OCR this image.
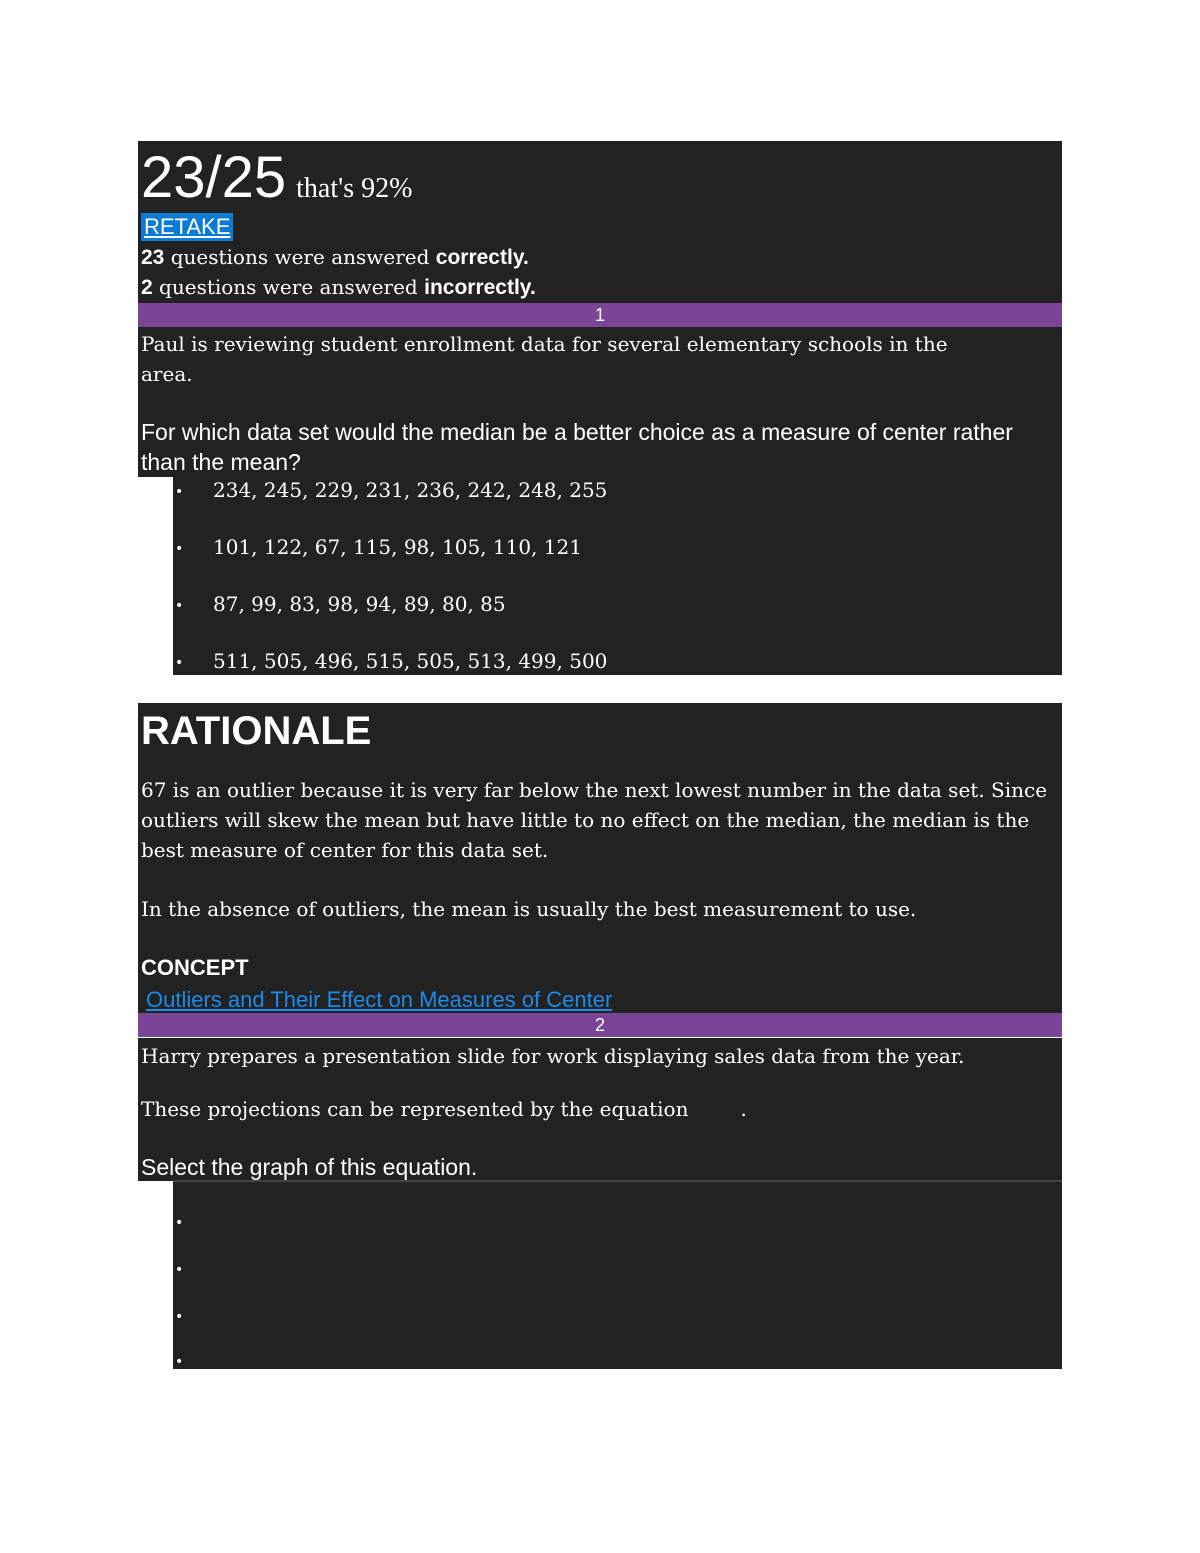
23/25 that's 92%
RETAKE
23 questions were answered correctly.
2 questions were answered incorrectly.
1
Paul is reviewing student enrollment data for several elementary schools in the
area.
For which data set would the median be a better choice as a measure of center rather than the mean?
• 234, 245, 229, 231, 236, 242, 248, 255
• 101, 122, 67, 115, 98, 105, 110, 121
• 87, 99, 83, 98, 94, 89, 80, 85
• 511, 505, 496, 515, 505, 513, 499, 500
RATIONALE
67 is an outlier because it is very far below the next lowest number in the data set. Since outliers will skew the mean but have little to no effect on the median, the median is the best measure of center for this data set.
In the absence of outliers, the mean is usually the best measurement to use.
CONCEPT
Outliers and Their Effect on Measures of Center
2
Harry prepares a presentation slide for work displaying sales data from the year.
These projections can be represented by the equation	.
Select the graph of this equation.
•
•
•
•
